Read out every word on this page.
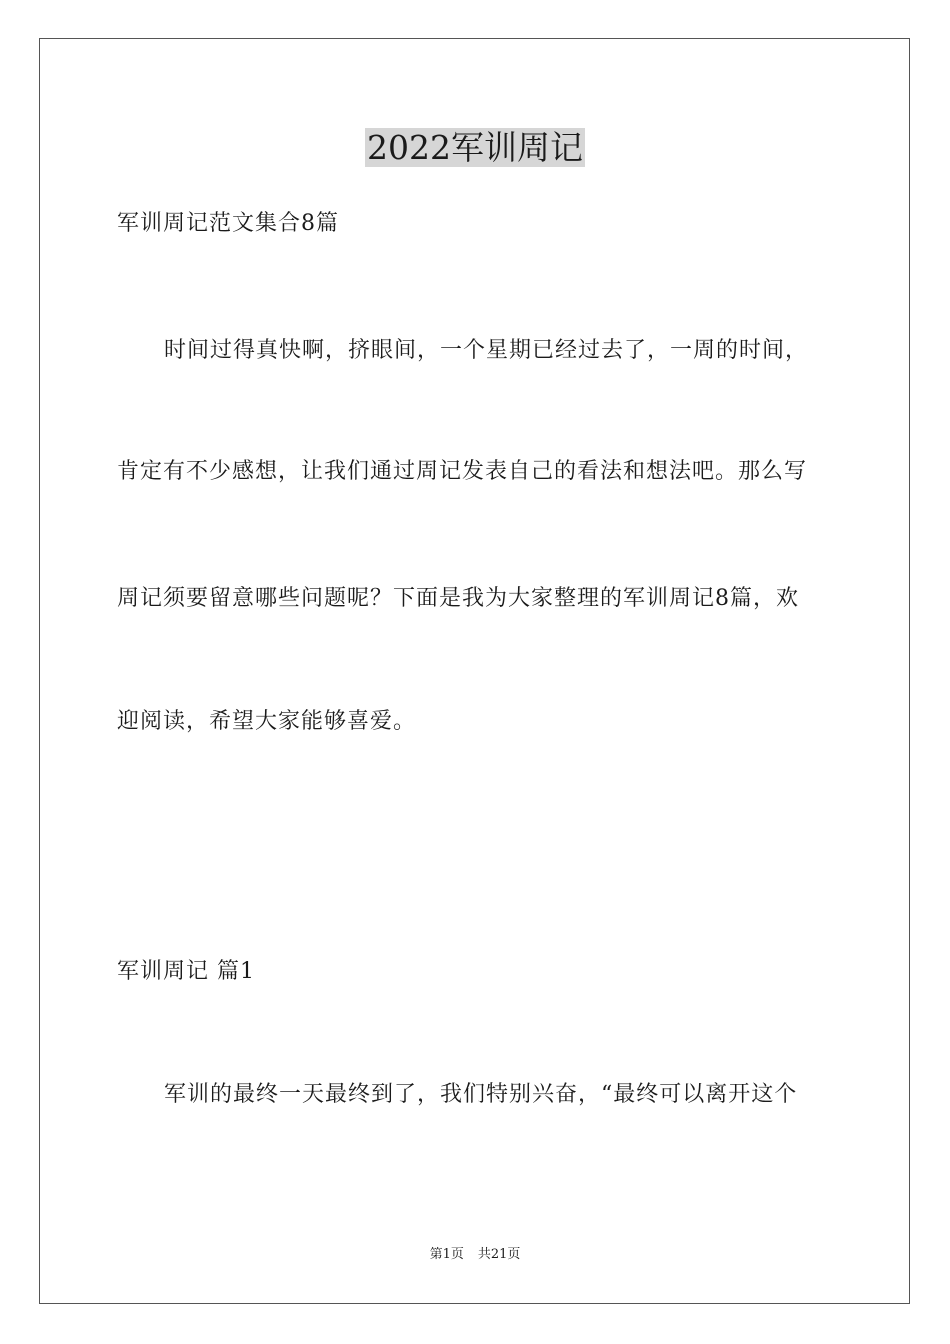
2022军训周记

军训周记范文集合8篇

时间过得真快啊，挤眼间，一个星期已经过去了，一周的时间，

肯定有不少感想，让我们通过周记发表自己的看法和想法吧。那么写

周记须要留意哪些问题呢？下面是我为大家整理的军训周记8篇，欢

迎阅读，希望大家能够喜爱。

军训周记 篇1

军训的最终一天最终到了，我们特别兴奋，“最终可以离开这个

第1页 共21页
